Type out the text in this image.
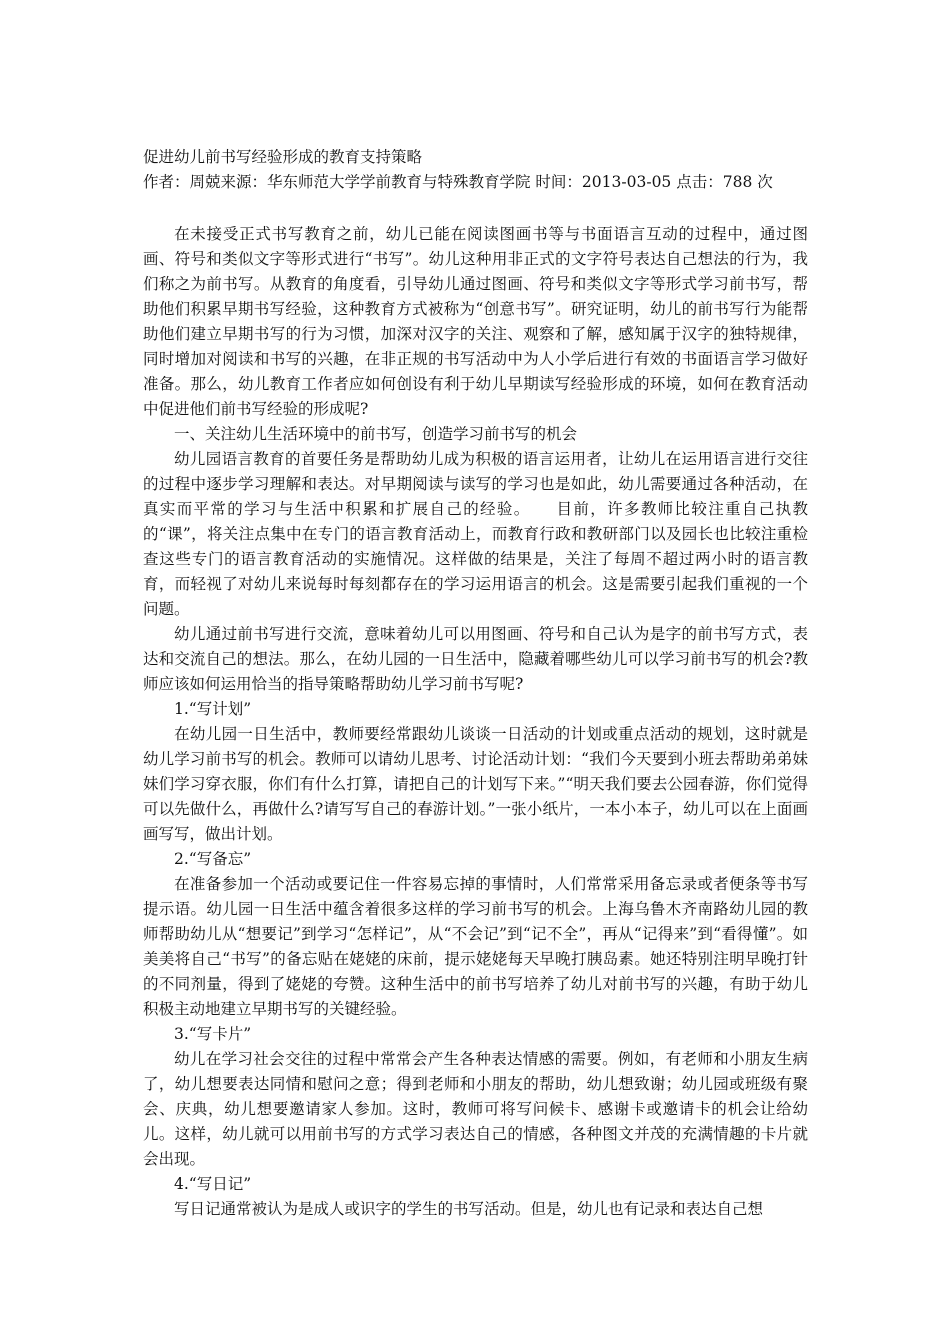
促进幼儿前书写经验形成的教育支持策略

作者：周兢来源：华东师范大学学前教育与特殊教育学院 时间：2013-03-05 点击：788 次

在未接受正式书写教育之前，幼儿已能在阅读图画书等与书面语言互动的过程中，通过图画、符号和类似文字等形式进行“书写”。幼儿这种用非正式的文字符号表达自己想法的行为，我们称之为前书写。从教育的角度看，引导幼儿通过图画、符号和类似文字等形式学习前书写，帮助他们积累早期书写经验，这种教育方式被称为“创意书写”。研究证明，幼儿的前书写行为能帮助他们建立早期书写的行为习惯，加深对汉字的关注、观察和了解，感知属于汉字的独特规律，同时增加对阅读和书写的兴趣，在非正规的书写活动中为人小学后进行有效的书面语言学习做好准备。那么，幼儿教育工作者应如何创设有利于幼儿早期读写经验形成的环境，如何在教育活动中促进他们前书写经验的形成呢?

一、关注幼儿生活环境中的前书写，创造学习前书写的机会

幼儿园语言教育的首要任务是帮助幼儿成为积极的语言运用者，让幼儿在运用语言进行交往的过程中逐步学习理解和表达。对早期阅读与读写的学习也是如此，幼儿需要通过各种活动，在真实而平常的学习与生活中积累和扩展自己的经验。　　目前，许多教师比较注重自己执教的“课”，将关注点集中在专门的语言教育活动上，而教育行政和教研部门以及园长也比较注重检查这些专门的语言教育活动的实施情况。这样做的结果是，关注了每周不超过两小时的语言教育，而轻视了对幼儿来说每时每刻都存在的学习运用语言的机会。这是需要引起我们重视的一个问题。

幼儿通过前书写进行交流，意味着幼儿可以用图画、符号和自己认为是字的前书写方式，表达和交流自己的想法。那么，在幼儿园的一日生活中，隐藏着哪些幼儿可以学习前书写的机会?教师应该如何运用恰当的指导策略帮助幼儿学习前书写呢?

1.“写计划”

在幼儿园一日生活中，教师要经常跟幼儿谈谈一日活动的计划或重点活动的规划，这时就是幼儿学习前书写的机会。教师可以请幼儿思考、讨论活动计划：“我们今天要到小班去帮助弟弟妹妹们学习穿衣服，你们有什么打算，请把自己的计划写下来。”“明天我们要去公园春游，你们觉得可以先做什么，再做什么?请写写自己的春游计划。”一张小纸片，一本小本子，幼儿可以在上面画画写写，做出计划。

2.“写备忘”

在准备参加一个活动或要记住一件容易忘掉的事情时，人们常常采用备忘录或者便条等书写提示语。幼儿园一日生活中蕴含着很多这样的学习前书写的机会。上海乌鲁木齐南路幼儿园的教师帮助幼儿从“想要记”到学习“怎样记”，从“不会记”到“记不全”，再从“记得来”到“看得懂”。如美美将自己“书写”的备忘贴在姥姥的床前，提示姥姥每天早晚打胰岛素。她还特别注明早晚打针的不同剂量，得到了姥姥的夸赞。这种生活中的前书写培养了幼儿对前书写的兴趣，有助于幼儿积极主动地建立早期书写的关键经验。

3.“写卡片”

幼儿在学习社会交往的过程中常常会产生各种表达情感的需要。例如，有老师和小朋友生病了，幼儿想要表达同情和慰问之意；得到老师和小朋友的帮助，幼儿想致谢；幼儿园或班级有聚会、庆典，幼儿想要邀请家人参加。这时，教师可将写问候卡、感谢卡或邀请卡的机会让给幼儿。这样，幼儿就可以用前书写的方式学习表达自己的情感，各种图文并茂的充满情趣的卡片就会出现。

4.“写日记”

写日记通常被认为是成人或识字的学生的书写活动。但是，幼儿也有记录和表达自己想
